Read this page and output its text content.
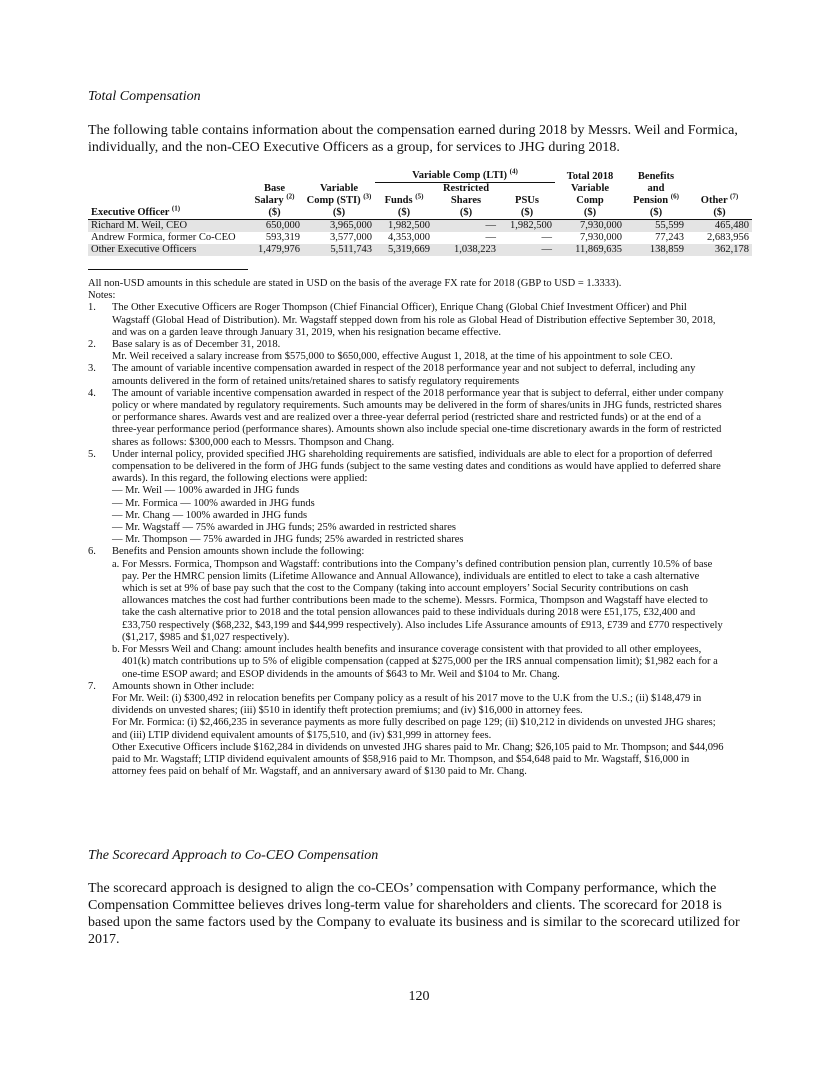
Total Compensation
The following table contains information about the compensation earned during 2018 by Messrs. Weil and Formica, individually, and the non-CEO Executive Officers as a group, for services to JHG during 2018.
			Variable Comp (LTI) $^{(4)}$			Total 2018	Benefits	
	Base	Variable		Restricted		Variable	and	
	Salary $^{(2)}$	Comp (STI) $^{(3)}$	Funds $^{(5)}$	Shares	PSUs	Comp	Pension $^{(6)}$	Other $^{(7)}$
Executive Officer $^{(1)}$	($)	($)	($)	($)	($)	($)	($)	($)
Richard M. Weil, CEO	650,000	3,965,000	1,982,500	—	1,982,500	7,930,000	55,599	465,480
Andrew Formica, former Co-CEO	593,319	3,577,000	4,353,000	—	—	7,930,000	77,243	2,683,956
Other Executive Officers	1,479,976	5,511,743	5,319,669	1,038,223	—	11,869,635	138,859	362,178

All non-USD amounts in this schedule are stated in USD on the basis of the average FX rate for 2018 (GBP to USD = 1.3333).

Notes:

1. The Other Executive Officers are Roger Thompson (Chief Financial Officer), Enrique Chang (Global Chief Investment Officer) and Phil

Wagstaff (Global Head of Distribution). Mr. Wagstaff stepped down from his role as Global Head of Distribution effective September 30, 2018,

and was on a garden leave through January 31, 2019, when his resignation became effective.

2. Base salary is as of December 31, 2018.

Mr. Weil received a salary increase from $575,000 to $650,000, effective August 1, 2018, at the time of his appointment to sole CEO.

3. The amount of variable incentive compensation awarded in respect of the 2018 performance year and not subject to deferral, including any

amounts delivered in the form of retained units/retained shares to satisfy regulatory requirements

4. The amount of variable incentive compensation awarded in respect of the 2018 performance year that is subject to deferral, either under company

policy or where mandated by regulatory requirements. Such amounts may be delivered in the form of shares/units in JHG funds, restricted shares

or performance shares. Awards vest and are realized over a three-year deferral period (restricted share and restricted funds) or at the end of a

three-year performance period (performance shares). Amounts shown also include special one-time discretionary awards in the form of restricted

shares as follows: $300,000 each to Messrs. Thompson and Chang.

5. Under internal policy, provided specified JHG shareholding requirements are satisfied, individuals are able to elect for a proportion of deferred

compensation to be delivered in the form of JHG funds (subject to the same vesting dates and conditions as would have applied to deferred share

awards). In this regard, the following elections were applied:

— Mr. Weil — 100% awarded in JHG funds

— Mr. Formica — 100% awarded in JHG funds

— Mr. Chang — 100% awarded in JHG funds

— Mr. Wagstaff — 75% awarded in JHG funds; 25% awarded in restricted shares

— Mr. Thompson — 75% awarded in JHG funds; 25% awarded in restricted shares

6. Benefits and Pension amounts shown include the following:

a. For Messrs. Formica, Thompson and Wagstaff: contributions into the Company’s defined contribution pension plan, currently 10.5% of base

pay. Per the HMRC pension limits (Lifetime Allowance and Annual Allowance), individuals are entitled to elect to take a cash alternative

which is set at 9% of base pay such that the cost to the Company (taking into account employers’ Social Security contributions on cash

allowances matches the cost had further contributions been made to the scheme). Messrs. Formica, Thompson and Wagstaff have elected to

take the cash alternative prior to 2018 and the total pension allowances paid to these individuals during 2018 were £51,175, £32,400 and

£33,750 respectively ($68,232, $43,199 and $44,999 respectively). Also includes Life Assurance amounts of £913, £739 and £770 respectively

($1,217, $985 and $1,027 respectively).

b. For Messrs Weil and Chang: amount includes health benefits and insurance coverage consistent with that provided to all other employees,

401(k) match contributions up to 5% of eligible compensation (capped at $275,000 per the IRS annual compensation limit); $1,982 each for a

one-time ESOP award; and ESOP dividends in the amounts of $643 to Mr. Weil and $104 to Mr. Chang.

7. Amounts shown in Other include:

For Mr. Weil: (i) $300,492 in relocation benefits per Company policy as a result of his 2017 move to the U.K from the U.S.; (ii) $148,479 in

dividends on unvested shares; (iii) $510 in identify theft protection premiums; and (iv) $16,000 in attorney fees.

For Mr. Formica: (i) $2,466,235 in severance payments as more fully described on page 129; (ii) $10,212 in dividends on unvested JHG shares;

and (iii) LTIP dividend equivalent amounts of $175,510, and (iv) $31,999 in attorney fees.

Other Executive Officers include $162,284 in dividends on unvested JHG shares paid to Mr. Chang; $26,105 paid to Mr. Thompson; and $44,096

paid to Mr. Wagstaff; LTIP dividend equivalent amounts of $58,916 paid to Mr. Thompson, and $54,648 paid to Mr. Wagstaff, $16,000 in

attorney fees paid on behalf of Mr. Wagstaff, and an anniversary award of $130 paid to Mr. Chang.

The Scorecard Approach to Co-CEO Compensation
The scorecard approach is designed to align the co-CEOs’ compensation with Company performance, which the Compensation Committee believes drives long-term value for shareholders and clients. The scorecard for 2018 is based upon the same factors used by the Company to evaluate its business and is similar to the scorecard utilized for 2017.
120
